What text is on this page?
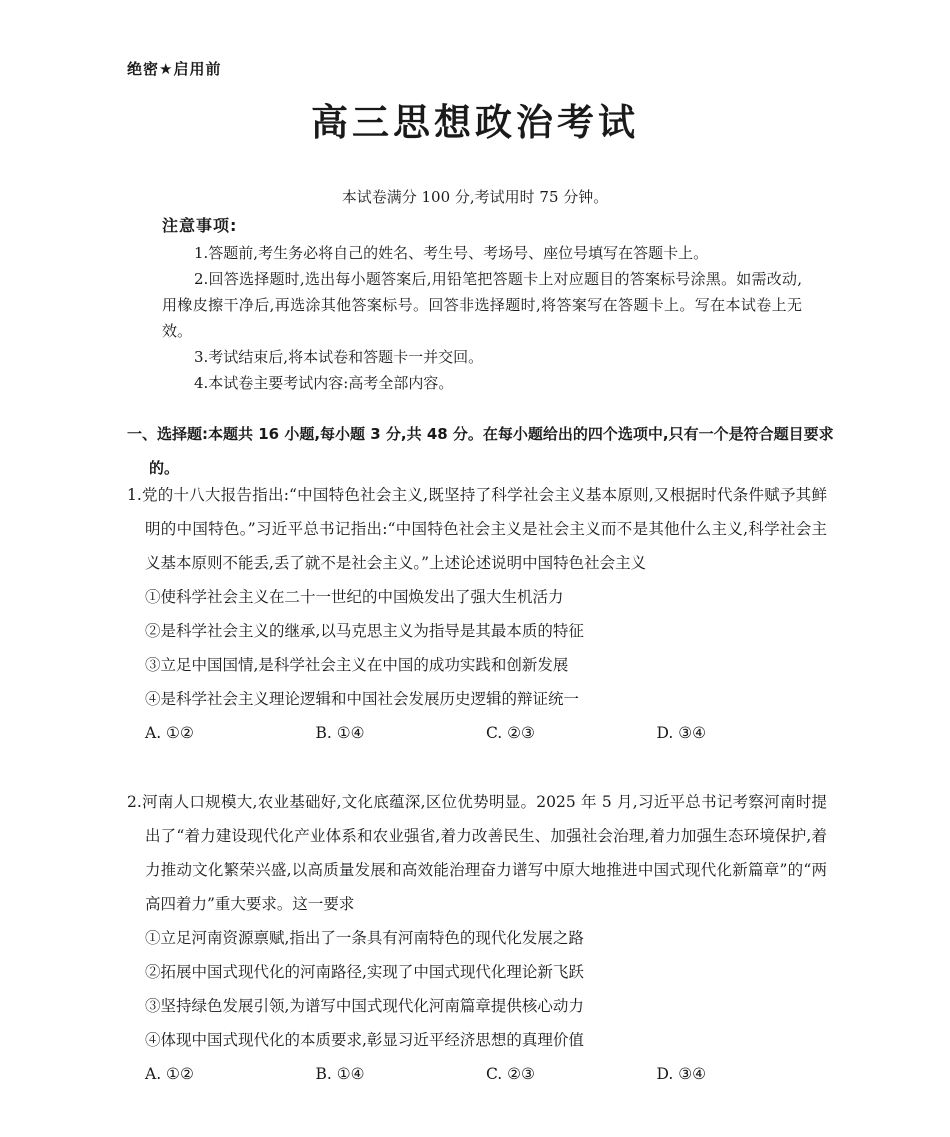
绝密★启用前
高三思想政治考试
本试卷满分 100 分,考试用时 75 分钟。
注意事项:

1.答题前,考生务必将自己的姓名、考生号、考场号、座位号填写在答题卡上。

2.回答选择题时,选出每小题答案后,用铅笔把答题卡上对应题目的答案标号涂黑。如需改动,用橡皮擦干净后,再选涂其他答案标号。回答非选择题时,将答案写在答题卡上。写在本试卷上无效。

3.考试结束后,将本试卷和答题卡一并交回。

4.本试卷主要考试内容:高考全部内容。

一、选择题:本题共 16 小题,每小题 3 分,共 48 分。在每小题给出的四个选项中,只有一个是符合题目要求的。

1.党的十八大报告指出:“中国特色社会主义,既坚持了科学社会主义基本原则,又根据时代条件赋予其鲜明的中国特色。”习近平总书记指出:“中国特色社会主义是社会主义而不是其他什么主义,科学社会主义基本原则不能丢,丢了就不是社会主义。”上述论述说明中国特色社会主义

①使科学社会主义在二十一世纪的中国焕发出了强大生机活力

②是科学社会主义的继承,以马克思主义为指导是其最本质的特征

③立足中国国情,是科学社会主义在中国的成功实践和创新发展

④是科学社会主义理论逻辑和中国社会发展历史逻辑的辩证统一

A. ①②	B. ①④	C. ②③	D. ③④

2.河南人口规模大,农业基础好,文化底蕴深,区位优势明显。2025 年 5 月,习近平总书记考察河南时提出了“着力建设现代化产业体系和农业强省,着力改善民生、加强社会治理,着力加强生态环境保护,着力推动文化繁荣兴盛,以高质量发展和高效能治理奋力谱写中原大地推进中国式现代化新篇章”的“两高四着力”重大要求。这一要求

①立足河南资源禀赋,指出了一条具有河南特色的现代化发展之路

②拓展中国式现代化的河南路径,实现了中国式现代化理论新飞跃

③坚持绿色发展引领,为谱写中国式现代化河南篇章提供核心动力

④体现中国式现代化的本质要求,彰显习近平经济思想的真理价值

A. ①②	B. ①④	C. ②③	D. ③④
